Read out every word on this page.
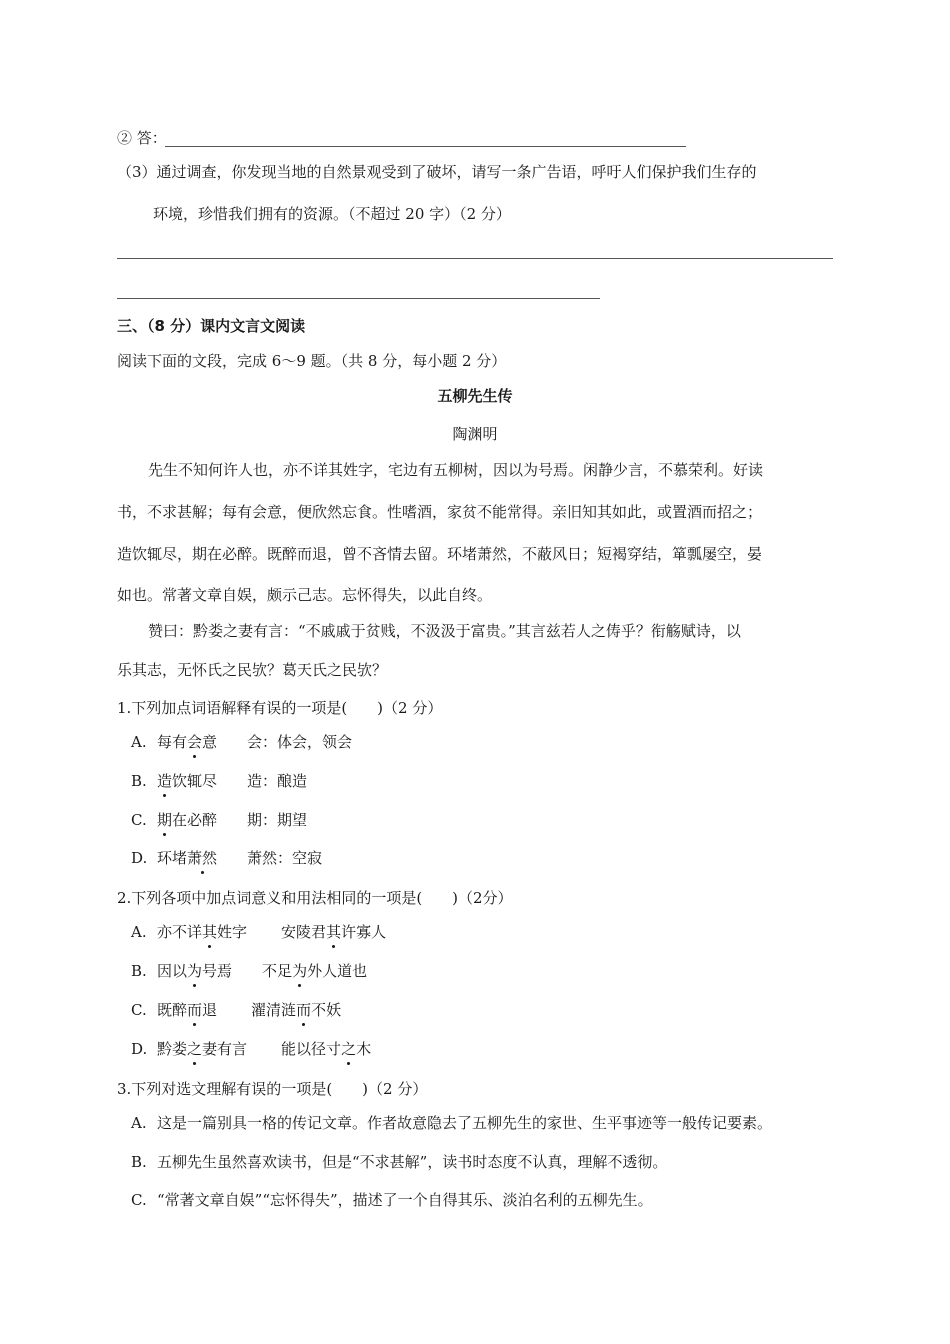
② 答：
（3）通过调查，你发现当地的自然景观受到了破坏，请写一条广告语，呼吁人们保护我们生存的
环境，珍惜我们拥有的资源。（不超过 20 字）（2 分）
三、（8 分）课内文言文阅读
阅读下面的文段，完成 6～9 题。（共 8 分，每小题 2 分）
五柳先生传
陶渊明
先生不知何许人也，亦不详其姓字，宅边有五柳树，因以为号焉。闲静少言，不慕荣利。好读
书，不求甚解；每有会意，便欣然忘食。性嗜酒，家贫不能常得。亲旧知其如此，或置酒而招之；
造饮辄尽，期在必醉。既醉而退，曾不吝情去留。环堵萧然，不蔽风日；短褐穿结，箪瓢屡空，晏
如也。常著文章自娱，颇示己志。忘怀得失，以此自终。
赞曰：黔娄之妻有言：“不戚戚于贫贱，不汲汲于富贵。”其言兹若人之俦乎？衔觞赋诗，以
乐其志，无怀氏之民欤？葛天氏之民欤？
1.下列加点词语解释有误的一项是(　　)（2 分）
A. 每有会意 会：体会，领会
B. 造饮辄尽 造：酿造
C. 期在必醉 期：期望
D. 环堵萧然 萧然：空寂
2.下列各项中加点词意义和用法相同的一项是(　　)（2分）
A. 亦不详其姓字 安陵君其许寡人
B. 因以为号焉 不足为外人道也
C. 既醉而退 濯清涟而不妖
D. 黔娄之妻有言 能以径寸之木
3.下列对选文理解有误的一项是(　　)（2 分）
A. 这是一篇别具一格的传记文章。作者故意隐去了五柳先生的家世、生平事迹等一般传记要素。
B. 五柳先生虽然喜欢读书，但是“不求甚解”，读书时态度不认真，理解不透彻。
C. “常著文章自娱”“忘怀得失”，描述了一个自得其乐、淡泊名利的五柳先生。
